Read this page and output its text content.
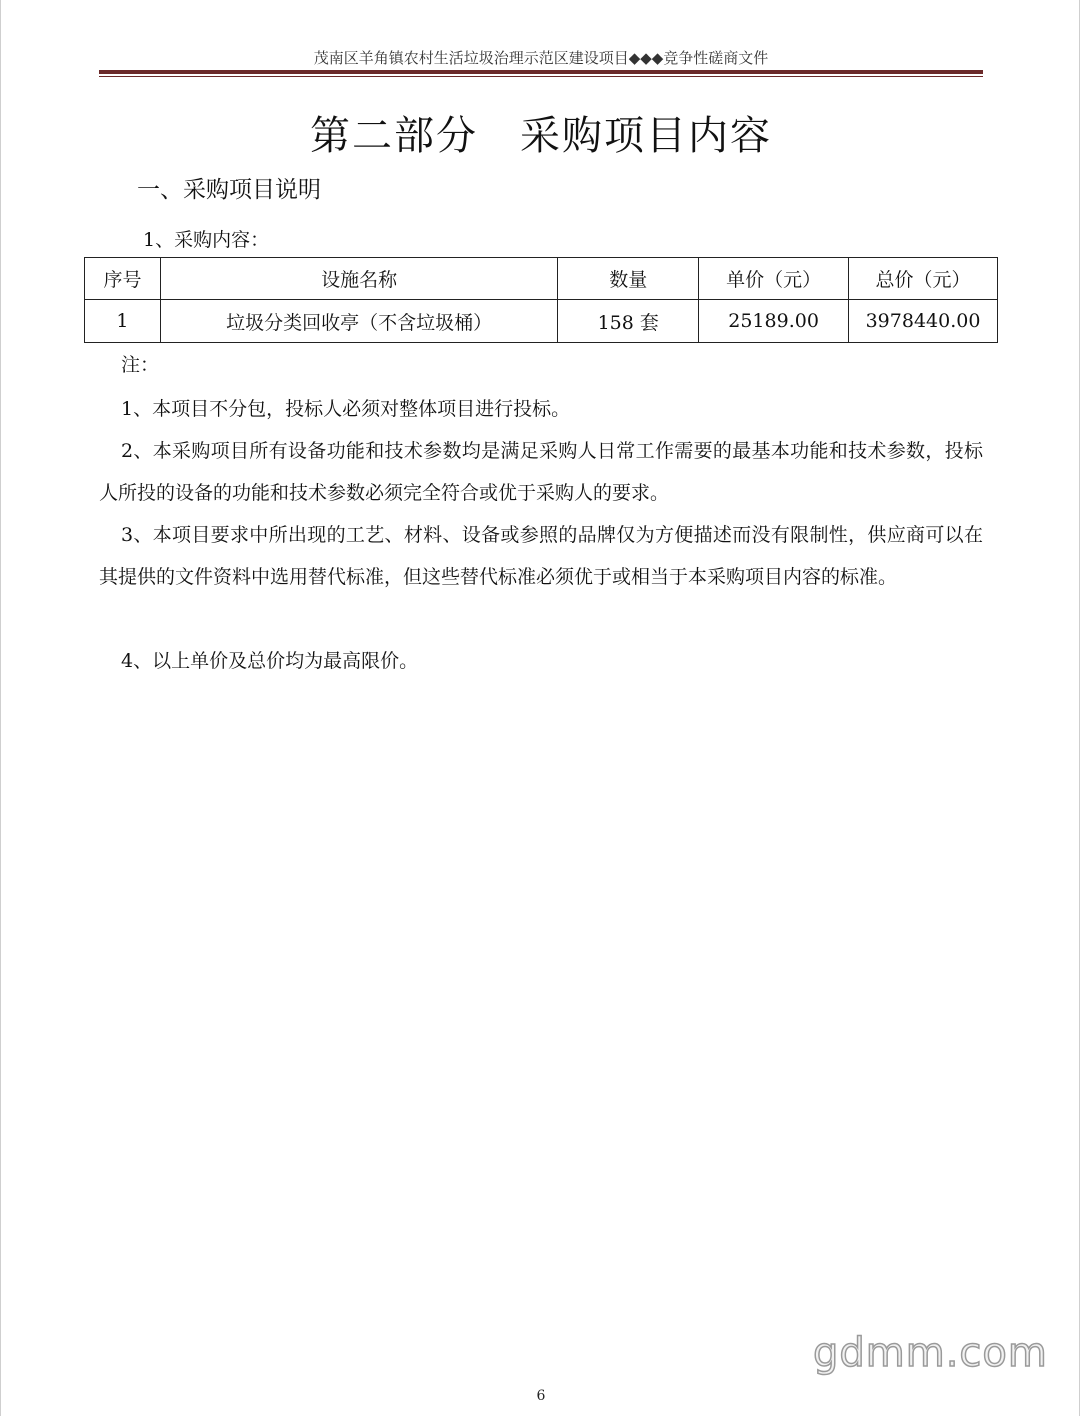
茂南区羊角镇农村生活垃圾治理示范区建设项目◆◆◆竞争性磋商文件
第二部分　采购项目内容
一、采购项目说明
1、采购内容：
序号	设施名称	数量	单价（元）	总价（元）
1	垃圾分类回收亭（不含垃圾桶）	158 套	25189.00	3978440.00
注：
1、本项目不分包，投标人必须对整体项目进行投标。
2、本采购项目所有设备功能和技术参数均是满足采购人日常工作需要的最基本功能和技术参数，投标人所投的设备的功能和技术参数必须完全符合或优于采购人的要求。
3、本项目要求中所出现的工艺、材料、设备或参照的品牌仅为方便描述而没有限制性，供应商可以在其提供的文件资料中选用替代标准，但这些替代标准必须优于或相当于本采购项目内容的标准。
4、以上单价及总价均为最高限价。
gdmm.com
6
